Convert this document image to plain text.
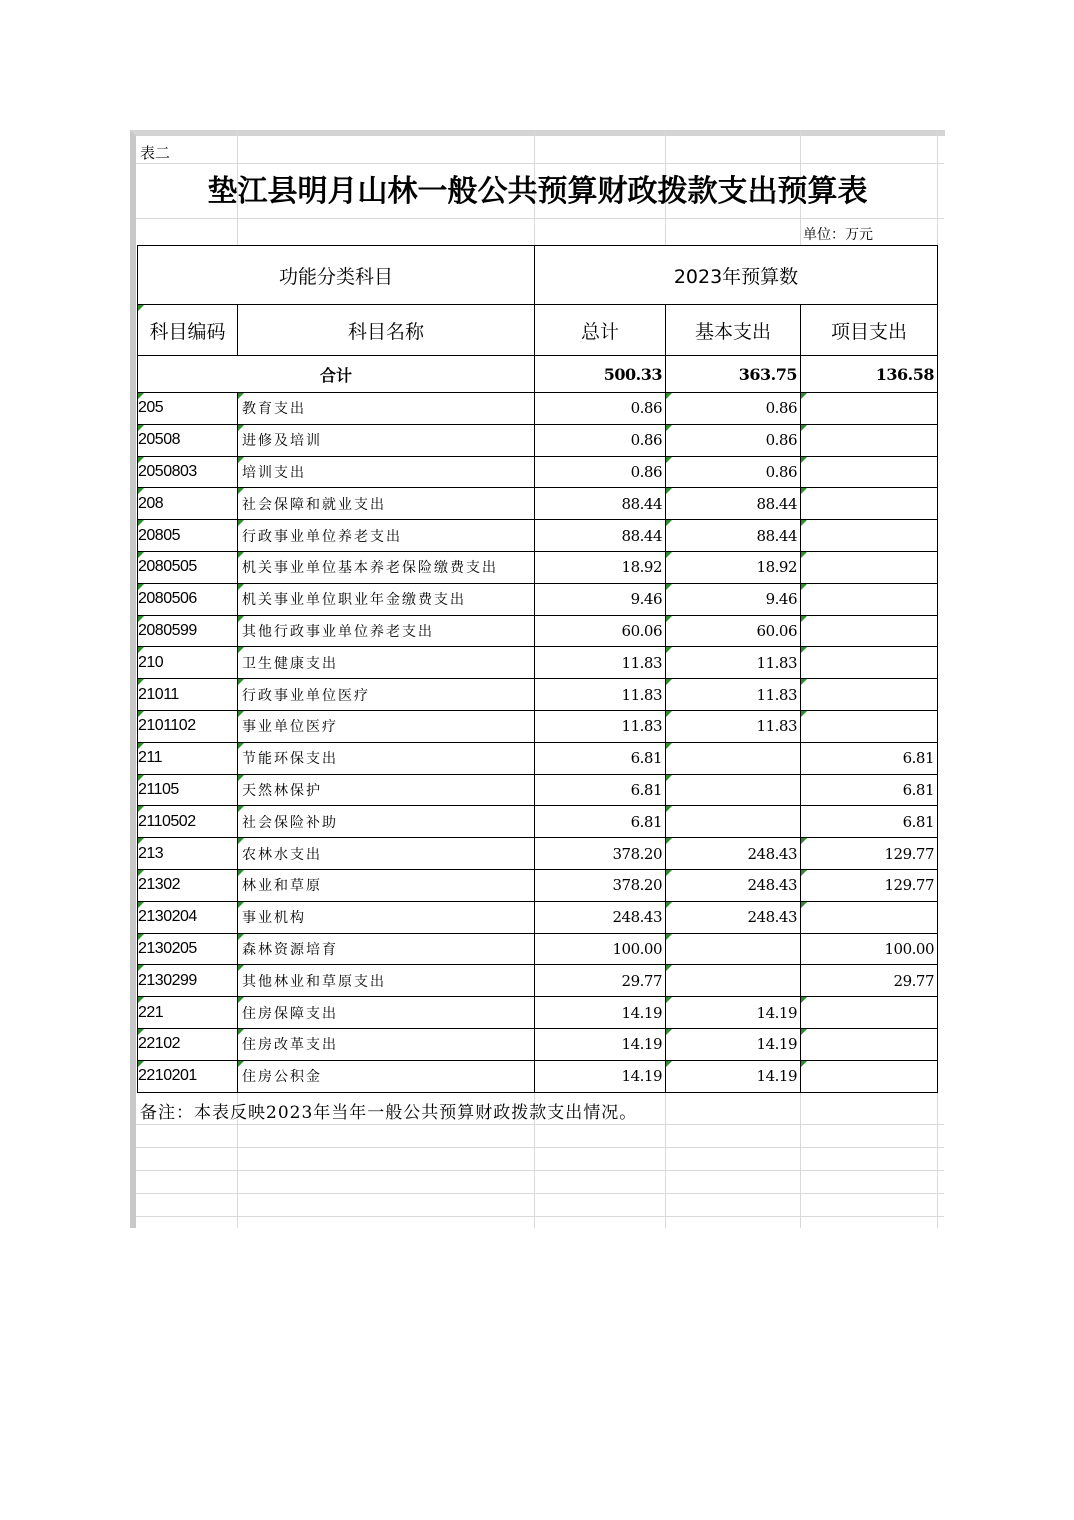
表二
垫江县明月山林一般公共预算财政拨款支出预算表
单位：万元
功能分类科目		2023年预算数		
科目编码	科目名称	总计	基本支出	项目支出
合计		500.33	363.75	136.58
205	教育支出	0.86	0.86	
20508	进修及培训	0.86	0.86	
2050803	培训支出	0.86	0.86	
208	社会保障和就业支出	88.44	88.44	
20805	行政事业单位养老支出	88.44	88.44	
2080505	机关事业单位基本养老保险缴费支出	18.92	18.92	
2080506	机关事业单位职业年金缴费支出	9.46	9.46	
2080599	其他行政事业单位养老支出	60.06	60.06	
210	卫生健康支出	11.83	11.83	
21011	行政事业单位医疗	11.83	11.83	
2101102	事业单位医疗	11.83	11.83	
211	节能环保支出	6.81		6.81
21105	天然林保护	6.81		6.81
2110502	社会保险补助	6.81		6.81
213	农林水支出	378.20	248.43	129.77
21302	林业和草原	378.20	248.43	129.77
2130204	事业机构	248.43	248.43	
2130205	森林资源培育	100.00		100.00
2130299	其他林业和草原支出	29.77		29.77
221	住房保障支出	14.19	14.19	
22102	住房改革支出	14.19	14.19	
2210201	住房公积金	14.19	14.19	
备注：本表反映2023年当年一般公共预算财政拨款支出情况。
